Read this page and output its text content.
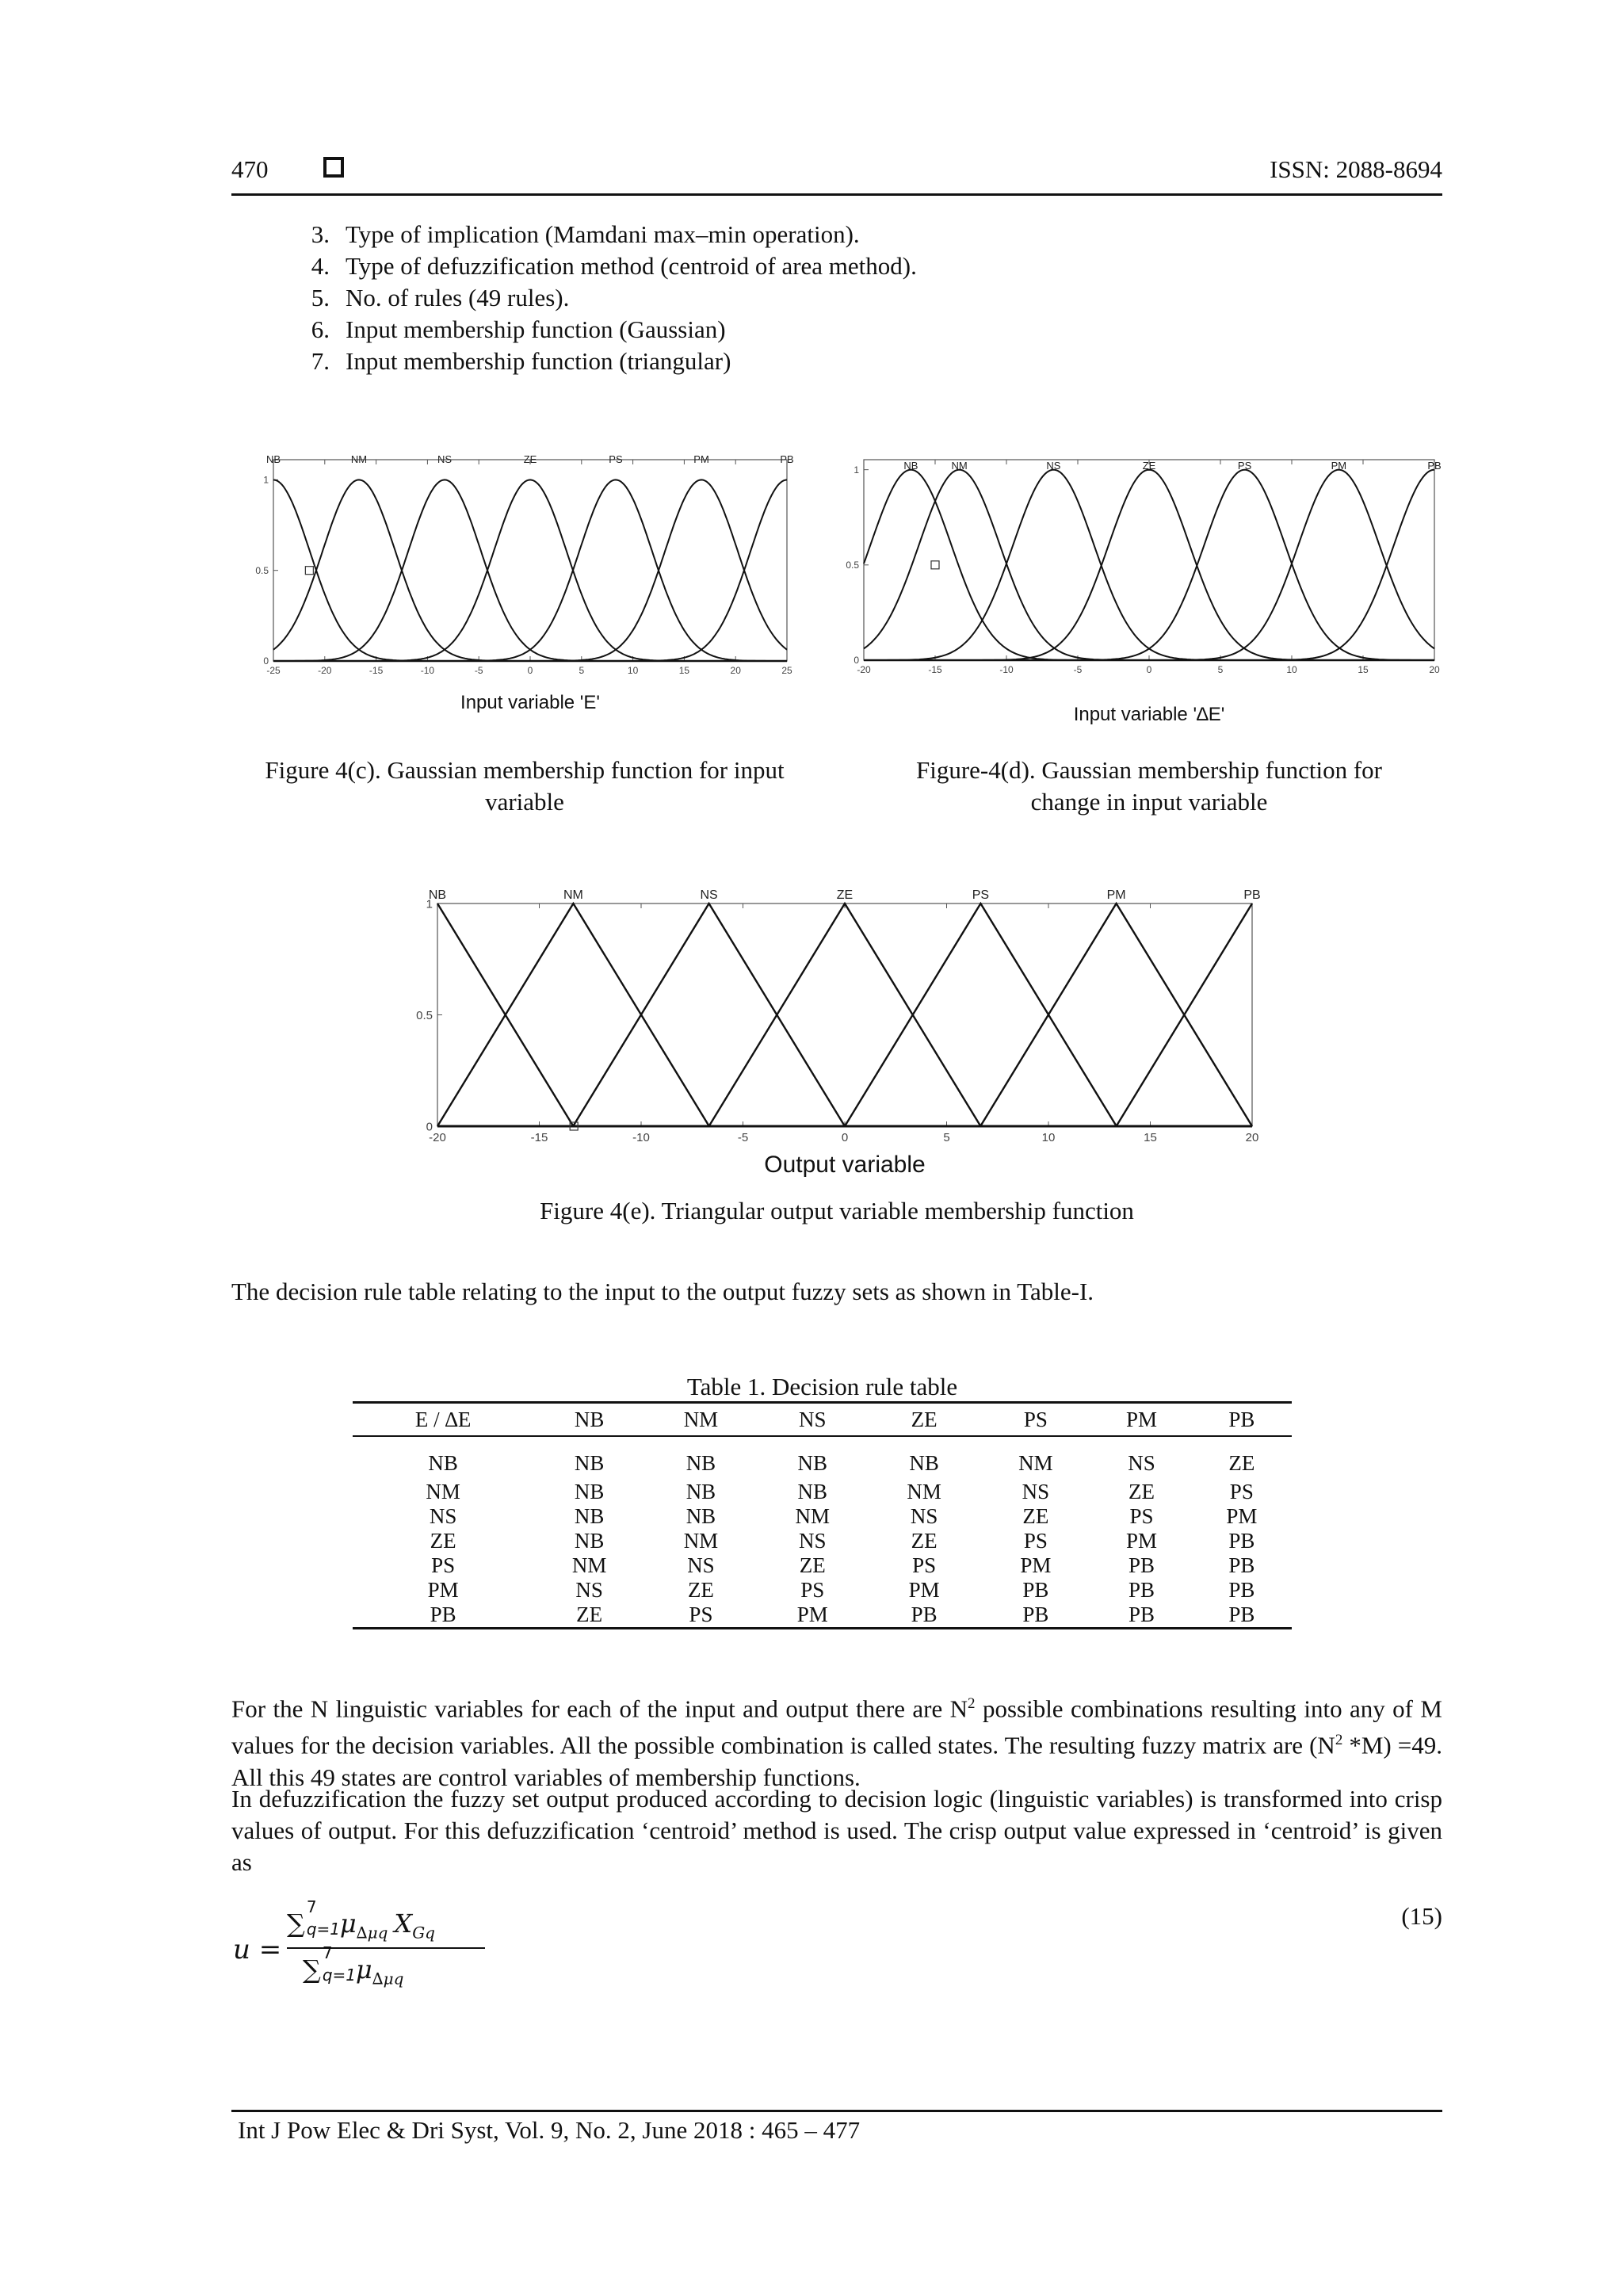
470	ISSN: 2088-8694
3. Type of implication (Mamdani max–min operation).
4. Type of defuzzification method (centroid of area method).
5. No. of rules (49 rules).
6. Input membership function (Gaussian)
7. Input membership function (triangular)
-25	-20	-15	-10	-5	0	5	10	15	20	25
0
0.5
1
NB	NM	NS	ZE	PS	PM	PB
Input variable 'E'
Figure 4(c). Gaussian membership function for input
variable
-20	-15	-10	-5	0	5	10	15	20
0
0.5
1	NB	NM	NS	ZE	PS	PM	PB
Input variable '∆E'
Figure-4(d). Gaussian membership function for
change in input variable
-20	-15	-10	-5	0	5	10	15	20
0
0.5
1
NB	NM	NS	ZE	PS	PM	PB
Output variable
Figure 4(e). Triangular output variable membership function
The decision rule table relating to the input to the output fuzzy sets as shown in Table-I.
Table 1. Decision rule table
E / ∆E	NB	NM	NS	ZE	PS	PM	PB
NB	NB	NB	NB	NB	NM	NS	ZE
NM	NB	NB	NB	NM	NS	ZE	PS
NS	NB	NB	NM	NS	ZE	PS	PM
ZE	NB	NM	NS	ZE	PS	PM	PB
PS	NM	NS	ZE	PS	PM	PB	PB
PM	NS	ZE	PS	PM	PB	PB	PB
PB	ZE	PS	PM	PB	PB	PB	PB
For the N linguistic variables for each of the input and output there are $N^2$ possible combinations resulting into any of M values for the decision variables. All the possible combination is called states. The resulting fuzzy matrix are ($N^2$ *M) =49. All this 49 states are control variables of membership functions.
In defuzzification the fuzzy set output produced according to decision logic (linguistic variables) is transformed into crisp values of output. For this defuzzification ‘centroid’ method is used. The crisp output value expressed in ‘centroid’ is given as
u =
∑
7
q=1 $\mu_{\Delta\mu q}$ $X_{Gq}$
∑
7
q=1 $\mu_{\Delta\mu q}$
(15)
Int J Pow Elec & Dri Syst, Vol. 9, No. 2, June 2018 : 465 – 477
